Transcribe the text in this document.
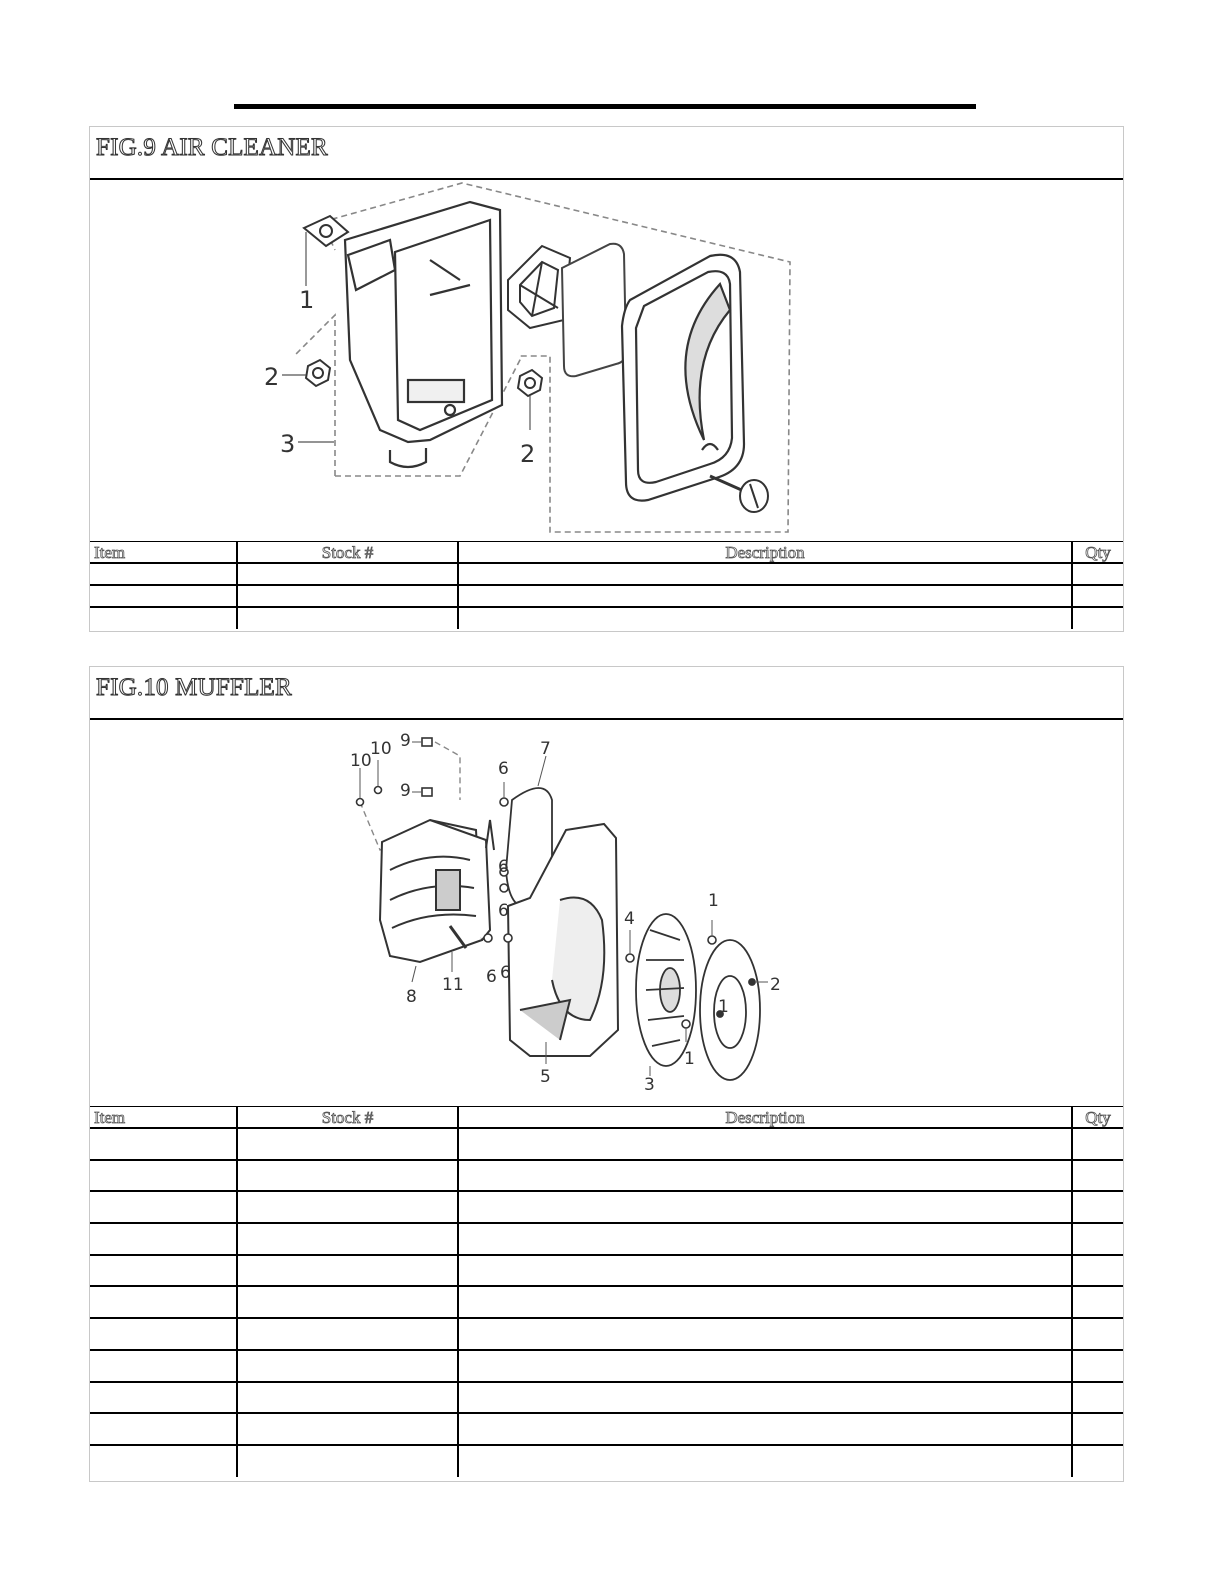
FIG.9 AIR CLEANER
1
2
2
3
Item	Stock #	Description	Qty

FIG.10 MUFFLER
10
10 9
9
7
6
6
6
6 6
8
11
5
4
3
1
1
1
2
Item	Stock #	Description	Qty
